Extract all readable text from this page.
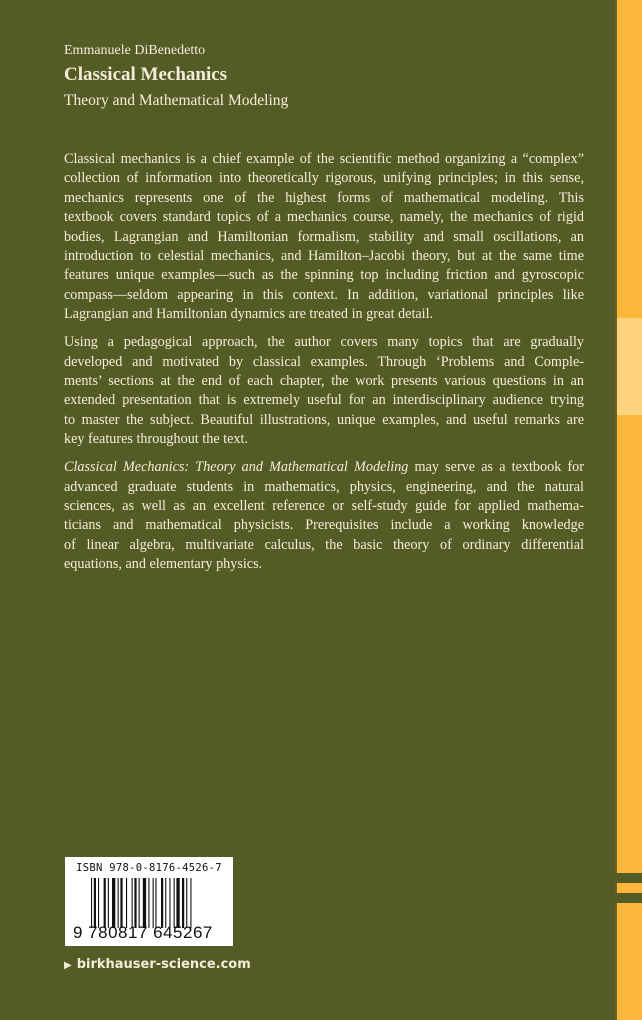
Emmanuele DiBenedetto
Classical Mechanics
Theory and Mathematical Modeling
Classical mechanics is a chief example of the scientific method organizing a “complex”
collection of information into theoretically rigorous, unifying principles; in this sense,
mechanics represents one of the highest forms of mathematical modeling. This
textbook covers standard topics of a mechanics course, namely, the mechanics of rigid
bodies, Lagrangian and Hamiltonian formalism, stability and small oscillations, an
introduction to celestial mechanics, and Hamilton–Jacobi theory, but at the same time
features unique examples—such as the spinning top including friction and gyroscopic
compass—seldom appearing in this context. In addition, variational principles like
Lagrangian and Hamiltonian dynamics are treated in great detail.
Using a pedagogical approach, the author covers many topics that are gradually
developed and motivated by classical examples. Through ‘Problems and Comple-
ments’ sections at the end of each chapter, the work presents various questions in an
extended presentation that is extremely useful for an interdisciplinary audience trying
to master the subject. Beautiful illustrations, unique examples, and useful remarks are
key features throughout the text.
Classical Mechanics: Theory and Mathematical Modeling may serve as a textbook for
advanced graduate students in mathematics, physics, engineering, and the natural
sciences, as well as an excellent reference or self-study guide for applied mathema-
ticians and mathematical physicists. Prerequisites include a working knowledge
of linear algebra, multivariate calculus, the basic theory of ordinary differential
equations, and elementary physics.
ISBN 978-0-8176-4526-7
9 780817 645267
▶ birkhauser-science.com
